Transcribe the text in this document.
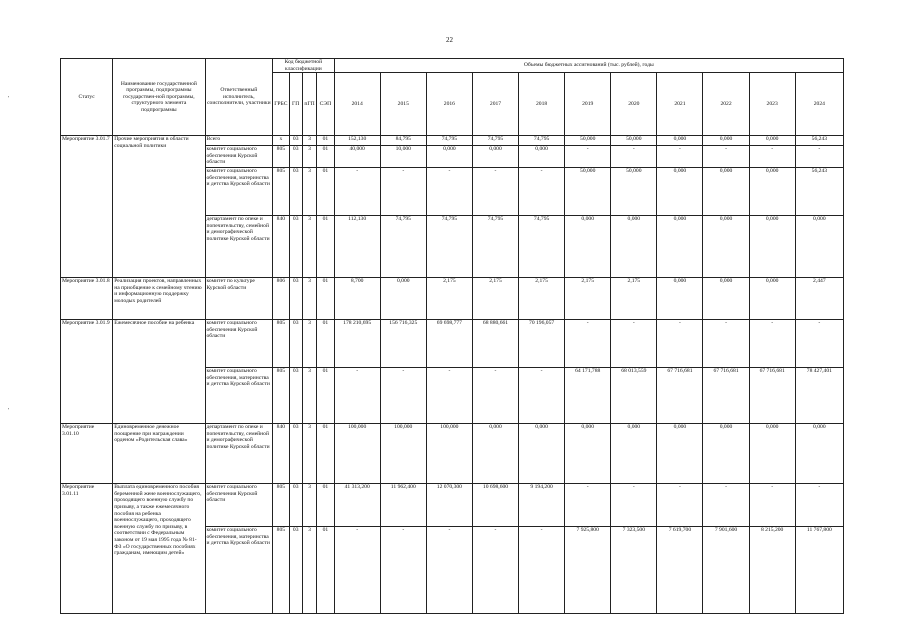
22
'
'
Статус	Наименование государственной программы, подпрограммы государствен-ной программы, структурного элемента подпрограммы	Ответственный исполнитель, соисполнители, участники	Код бюджетной классификации				Объемы бюджетных ассигнований (тыс. рублей), годы										
			ГРБС	ГП	пГП	СЭП	2014	2015	2016	2017	2018	2019	2020	2021	2022	2023	2024
Мероприятие 3.01.7	Прочие мероприятия в области социальной политики	Всего	х	03	3	01	152,130	84,795	74,795	74,795	74,795	50,000	50,000	0,000	0,000	0,000	56,243
		комитет социального обеспечения Курской области	805	03	3	01	40,000	10,000	0,000	0,000	0,000	-	-	-	-	-	-
		комитет социального обеспечения, материнства и детства Курской области	805	03	3	01	-	-	-	-	-	50,000	50,000	0,000	0,000	0,000	56,243
		департамент по опеке и попечительству, семейной и демографической политике Курской области	840	03	3	01	112,130	74,795	74,795	74,795	74,795	0,000	0,000	0,000	0,000	0,000	0,000
Мероприятие 3.01.8	Реализация проектов, направленных на приобщение к семейному чтению и информационную поддержку молодых родителей	комитет по культуре Курской области	806	03	3	01	8,700	0,000	2,175	2,175	2,175	2,175	2,175	0,000	0,000	0,000	2,447
Мероприятие 3.01.9	Ежемесячное пособие на ребенка	комитет социального обеспечения Курской области	805	03	3	01	178 210,695	156 716,325	69 698,777	68 880,661	70 196,057	-	-	-	-	-	-
		комитет социального обеспечения, материнства и детства Курской области	805	03	3	01	-	-	-	-	-	64 171,788	68 013,559	67 716,681	67 716,681	67 716,681	78 427,401
Мероприятие 3.01.10	Единовременное денежное поощрение при награждении орденом «Родительская слава»	департамент по опеке и попечительству, семейной и демографической политике Курской области	840	03	3	01	100,000	100,000	100,000	0,000	0,000	0,000	0,000	0,000	0,000	0,000	0,000
Мероприятие 3.01.11	Выплата единовременного пособия беременной жене военнослужащего, проходящего военную службу по призыву, а также ежемесячного пособия на ребенка военнослужащего, проходящего военную службу по призыву, в соответствии с Федеральным законом от 19 мая 1995 года № 81-ФЗ «О государственных пособиях гражданам, имеющим детей»	комитет социального обеспечения Курской области	805	03	3	01	41 313,200	11 962,400	12 070,300	10 698,600	9 194,200	-	-	-	-	-	-
		комитет социального обеспечения, материнства и детства Курской области	805	03	3	01	-	-	-	-	-	7 925,800	7 323,500	7 619,700	7 901,600	8 215,200	11 767,800
